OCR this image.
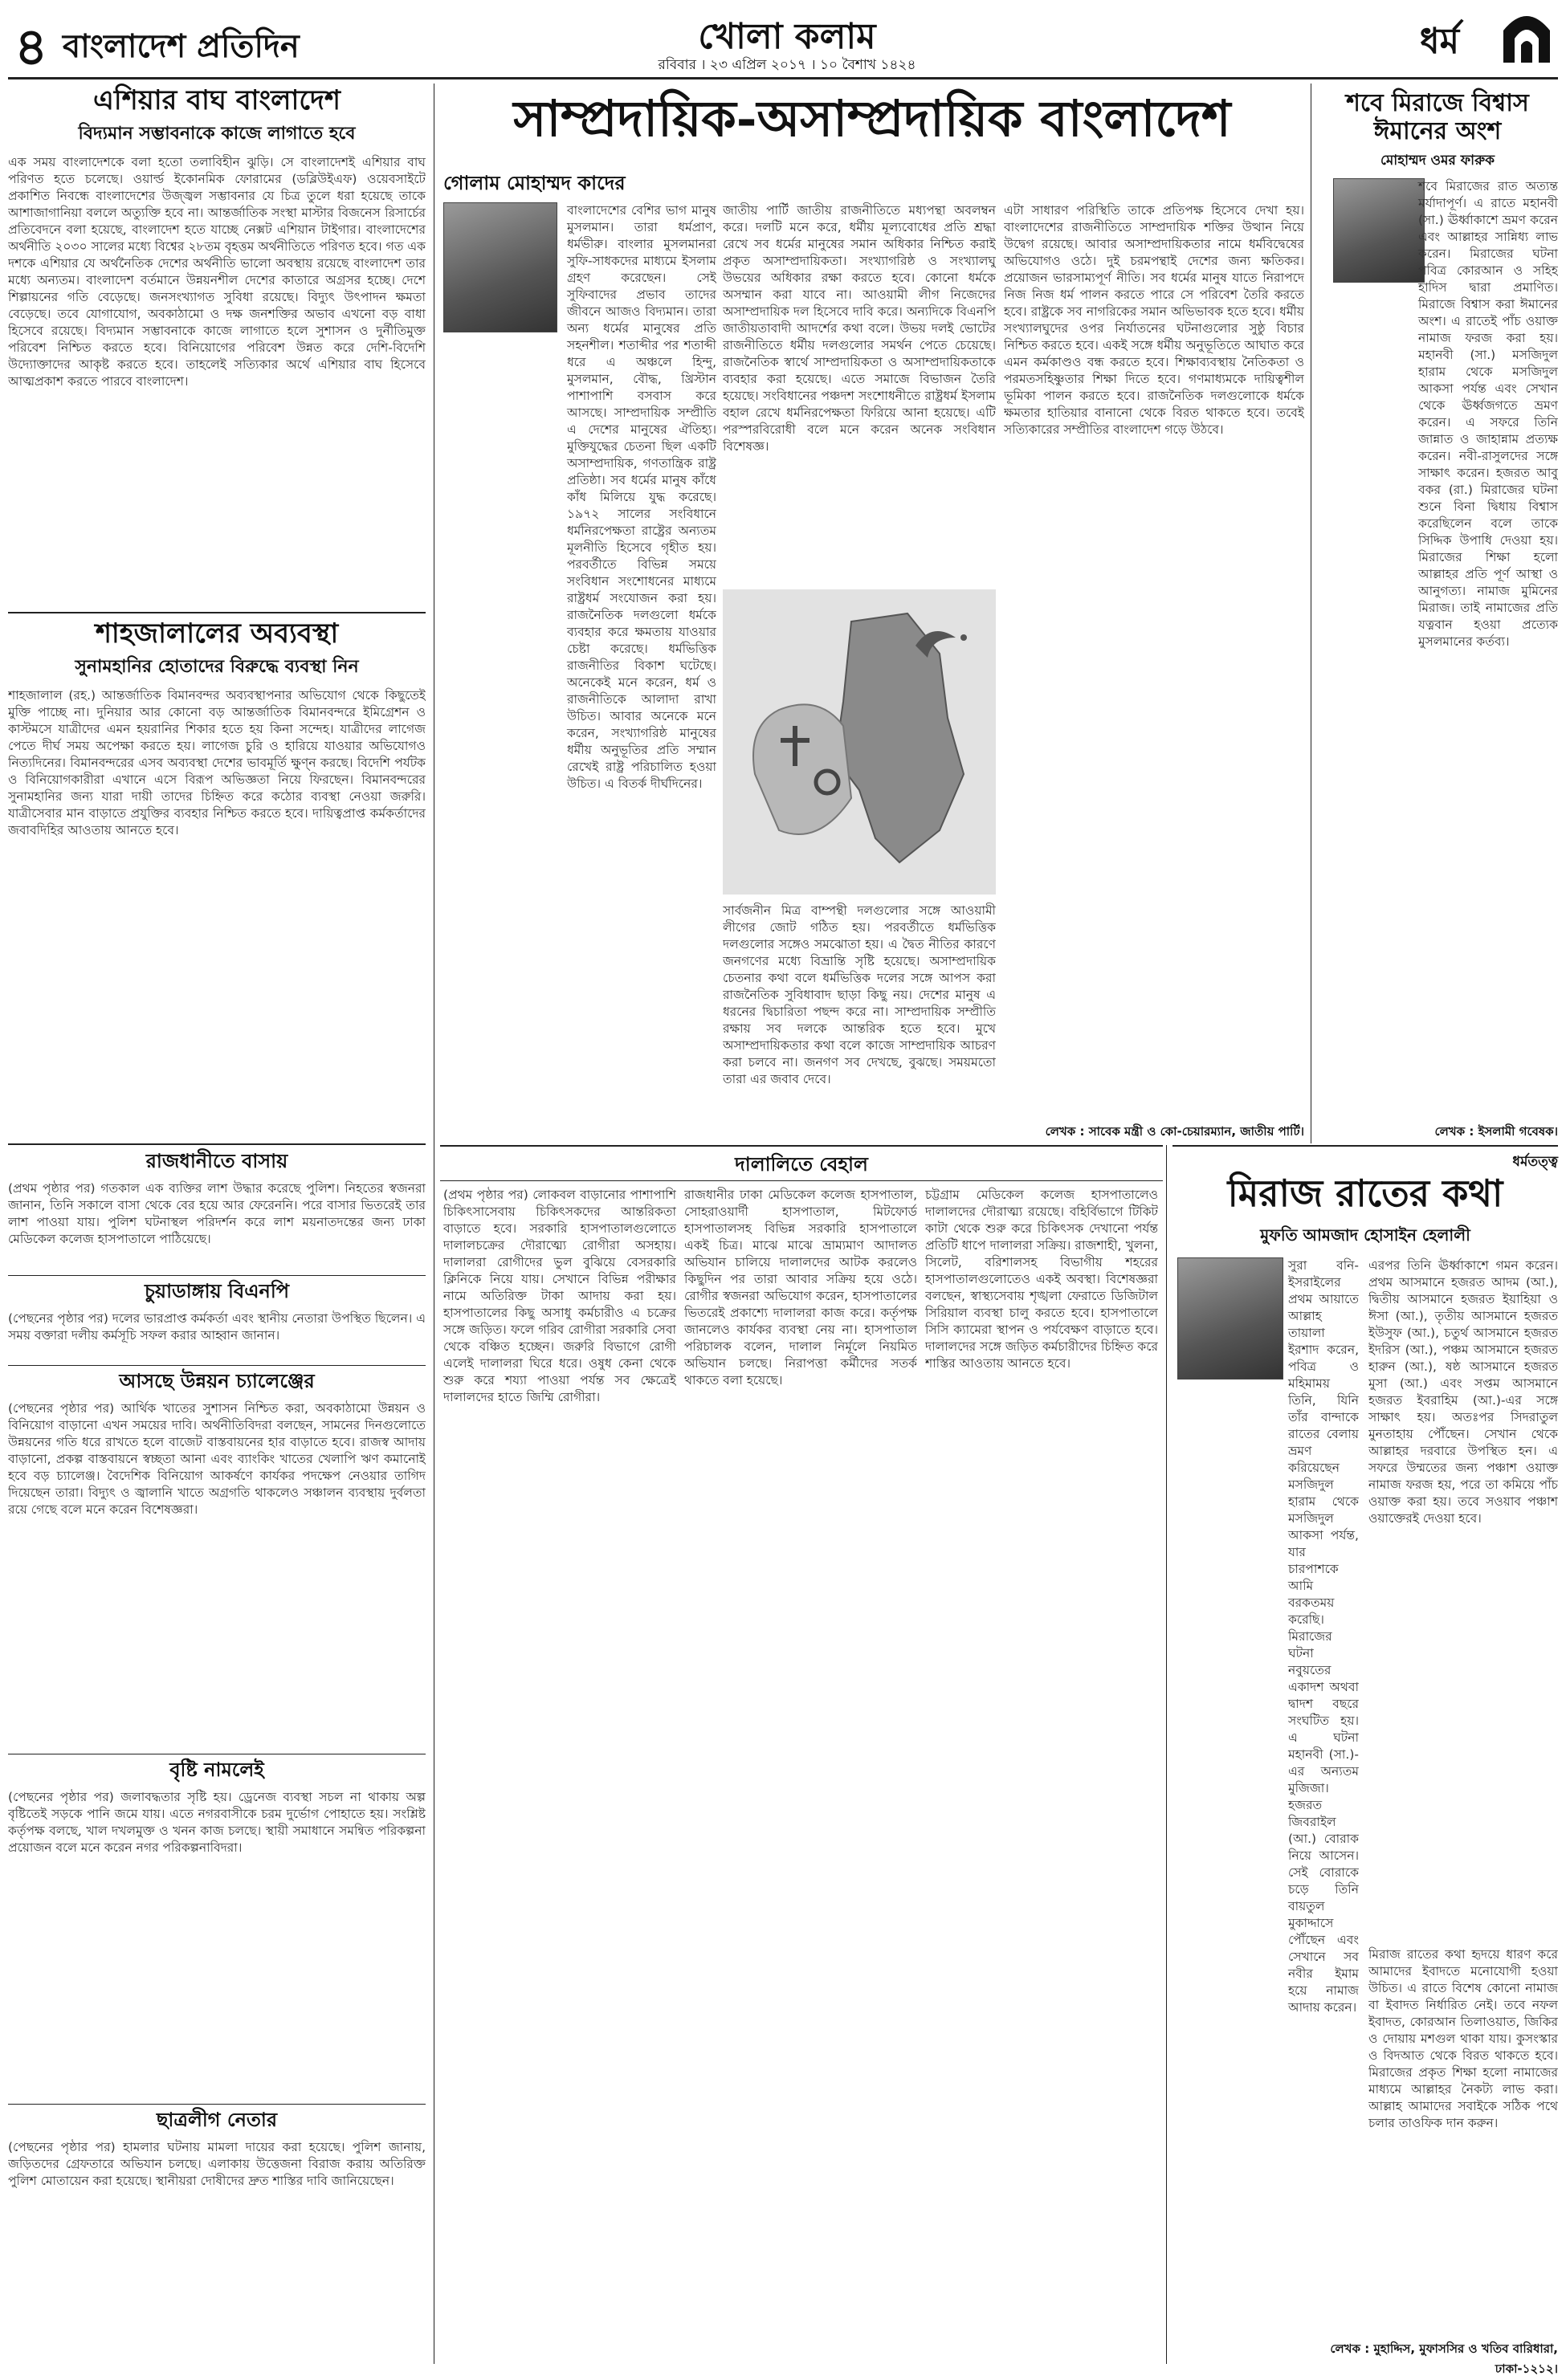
৪ বাংলাদেশ প্রতিদিন	খোলা কলাম
রবিবার । ২৩ এপ্রিল ২০১৭ । ১০ বৈশাখ ১৪২৪
ধর্ম
এশিয়ার বাঘ বাংলাদেশ
বিদ্যমান সম্ভাবনাকে কাজে লাগাতে হবে
এক সময় বাংলাদেশকে বলা হতো তলাবিহীন ঝুড়ি। সে বাংলাদেশই এশিয়ার বাঘ পরিণত হতে চলেছে। ওয়ার্ল্ড ইকোনমিক ফোরামের (ডব্লিউইএফ) ওয়েবসাইটে প্রকাশিত নিবন্ধে বাংলাদেশের উজ্জ্বল সম্ভাবনার যে চিত্র তুলে ধরা হয়েছে তাকে আশাজাগানিয়া বললে অত্যুক্তি হবে না। আন্তর্জাতিক সংস্থা মাস্টার বিজনেস রিসার্চের প্রতিবেদনে বলা হয়েছে, বাংলাদেশ হতে যাচ্ছে নেক্সট এশিয়ান টাইগার। বাংলাদেশের অর্থনীতি ২০৩০ সালের মধ্যে বিশ্বের ২৮তম বৃহত্তম অর্থনীতিতে পরিণত হবে। গত এক দশকে এশিয়ার যে অর্থনৈতিক দেশের অর্থনীতি ভালো অবস্থায় রয়েছে বাংলাদেশ তার মধ্যে অন্যতম। বাংলাদেশ বর্তমানে উন্নয়নশীল দেশের কাতারে অগ্রসর হচ্ছে। দেশে শিল্পায়নের গতি বেড়েছে। জনসংখ্যাগত সুবিধা রয়েছে। বিদ্যুৎ উৎপাদন ক্ষমতা বেড়েছে। তবে যোগাযোগ, অবকাঠামো ও দক্ষ জনশক্তির অভাব এখনো বড় বাধা হিসেবে রয়েছে। বিদ্যমান সম্ভাবনাকে কাজে লাগাতে হলে সুশাসন ও দুর্নীতিমুক্ত পরিবেশ নিশ্চিত করতে হবে। বিনিয়োগের পরিবেশ উন্নত করে দেশি-বিদেশি উদ্যোক্তাদের আকৃষ্ট করতে হবে। তাহলেই সত্যিকার অর্থে এশিয়ার বাঘ হিসেবে আত্মপ্রকাশ করতে পারবে বাংলাদেশ।
শাহজালালের অব্যবস্থা
সুনামহানির হোতাদের বিরুদ্ধে ব্যবস্থা নিন
শাহজালাল (রহ.) আন্তর্জাতিক বিমানবন্দর অব্যবস্থাপনার অভিযোগ থেকে কিছুতেই মুক্তি পাচ্ছে না। দুনিয়ার আর কোনো বড় আন্তর্জাতিক বিমানবন্দরে ইমিগ্রেশন ও কাস্টমসে যাত্রীদের এমন হয়রানির শিকার হতে হয় কিনা সন্দেহ। যাত্রীদের লাগেজ পেতে দীর্ঘ সময় অপেক্ষা করতে হয়। লাগেজ চুরি ও হারিয়ে যাওয়ার অভিযোগও নিত্যদিনের। বিমানবন্দরের এসব অব্যবস্থা দেশের ভাবমূর্তি ক্ষুণ্ন করছে। বিদেশি পর্যটক ও বিনিয়োগকারীরা এখানে এসে বিরূপ অভিজ্ঞতা নিয়ে ফিরছেন। বিমানবন্দরের সুনামহানির জন্য যারা দায়ী তাদের চিহ্নিত করে কঠোর ব্যবস্থা নেওয়া জরুরি। যাত্রীসেবার মান বাড়াতে প্রযুক্তির ব্যবহার নিশ্চিত করতে হবে। দায়িত্বপ্রাপ্ত কর্মকর্তাদের জবাবদিহির আওতায় আনতে হবে।
রাজধানীতে বাসায়
(প্রথম পৃষ্ঠার পর) গতকাল এক ব্যক্তির লাশ উদ্ধার করেছে পুলিশ। নিহতের স্বজনরা জানান, তিনি সকালে বাসা থেকে বের হয়ে আর ফেরেননি। পরে বাসার ভিতরেই তার লাশ পাওয়া যায়। পুলিশ ঘটনাস্থল পরিদর্শন করে লাশ ময়নাতদন্তের জন্য ঢাকা মেডিকেল কলেজ হাসপাতালে পাঠিয়েছে।
চুয়াডাঙ্গায় বিএনপি
(পেছনের পৃষ্ঠার পর) দলের ভারপ্রাপ্ত কর্মকর্তা এবং স্থানীয় নেতারা উপস্থিত ছিলেন। এ সময় বক্তারা দলীয় কর্মসূচি সফল করার আহ্বান জানান।
আসছে উন্নয়ন চ্যালেঞ্জের
(পেছনের পৃষ্ঠার পর) আর্থিক খাতের সুশাসন নিশ্চিত করা, অবকাঠামো উন্নয়ন ও বিনিয়োগ বাড়ানো এখন সময়ের দাবি। অর্থনীতিবিদরা বলছেন, সামনের দিনগুলোতে উন্নয়নের গতি ধরে রাখতে হলে বাজেট বাস্তবায়নের হার বাড়াতে হবে। রাজস্ব আদায় বাড়ানো, প্রকল্প বাস্তবায়নে স্বচ্ছতা আনা এবং ব্যাংকিং খাতের খেলাপি ঋণ কমানোই হবে বড় চ্যালেঞ্জ। বৈদেশিক বিনিয়োগ আকর্ষণে কার্যকর পদক্ষেপ নেওয়ার তাগিদ দিয়েছেন তারা। বিদ্যুৎ ও জ্বালানি খাতে অগ্রগতি থাকলেও সঞ্চালন ব্যবস্থায় দুর্বলতা রয়ে গেছে বলে মনে করেন বিশেষজ্ঞরা।
বৃষ্টি নামলেই
(পেছনের পৃষ্ঠার পর) জলাবদ্ধতার সৃষ্টি হয়। ড্রেনেজ ব্যবস্থা সচল না থাকায় অল্প বৃষ্টিতেই সড়কে পানি জমে যায়। এতে নগরবাসীকে চরম দুর্ভোগ পোহাতে হয়। সংশ্লিষ্ট কর্তৃপক্ষ বলছে, খাল দখলমুক্ত ও খনন কাজ চলছে। স্থায়ী সমাধানে সমন্বিত পরিকল্পনা প্রয়োজন বলে মনে করেন নগর পরিকল্পনাবিদরা।
ছাত্রলীগ নেতার
(পেছনের পৃষ্ঠার পর) হামলার ঘটনায় মামলা দায়ের করা হয়েছে। পুলিশ জানায়, জড়িতদের গ্রেফতারে অভিযান চলছে। এলাকায় উত্তেজনা বিরাজ করায় অতিরিক্ত পুলিশ মোতায়েন করা হয়েছে। স্থানীয়রা দোষীদের দ্রুত শাস্তির দাবি জানিয়েছেন।
সাম্প্রদায়িক-অসাম্প্রদায়িক বাংলাদেশ
গোলাম মোহাম্মদ কাদের
বাংলাদেশের বেশির ভাগ মানুষ মুসলমান। তারা ধর্মপ্রাণ, ধর্মভীরু। বাংলার মুসলমানরা সুফি-সাধকদের মাধ্যমে ইসলাম গ্রহণ করেছেন। সেই সুফিবাদের প্রভাব তাদের জীবনে আজও বিদ্যমান। তারা অন্য ধর্মের মানুষের প্রতি সহনশীল। শতাব্দীর পর শতাব্দী ধরে এ অঞ্চলে হিন্দু, মুসলমান, বৌদ্ধ, খ্রিস্টান পাশাপাশি বসবাস করে আসছে। সাম্প্রদায়িক সম্প্রীতি এ দেশের মানুষের ঐতিহ্য। মুক্তিযুদ্ধের চেতনা ছিল একটি অসাম্প্রদায়িক, গণতান্ত্রিক রাষ্ট্র প্রতিষ্ঠা। সব ধর্মের মানুষ কাঁধে কাঁধ মিলিয়ে যুদ্ধ করেছে। ১৯৭২ সালের সংবিধানে ধর্মনিরপেক্ষতা রাষ্ট্রের অন্যতম মূলনীতি হিসেবে গৃহীত হয়। পরবর্তীতে বিভিন্ন সময়ে সংবিধান সংশোধনের মাধ্যমে রাষ্ট্রধর্ম সংযোজন করা হয়। রাজনৈতিক দলগুলো ধর্মকে ব্যবহার করে ক্ষমতায় যাওয়ার চেষ্টা করেছে। ধর্মভিত্তিক রাজনীতির বিকাশ ঘটেছে। অনেকেই মনে করেন, ধর্ম ও রাজনীতিকে আলাদা রাখা উচিত। আবার অনেকে মনে করেন, সংখ্যাগরিষ্ঠ মানুষের ধর্মীয় অনুভূতির প্রতি সম্মান রেখেই রাষ্ট্র পরিচালিত হওয়া উচিত। এ বিতর্ক দীর্ঘদিনের।
জাতীয় পার্টি জাতীয় রাজনীতিতে মধ্যপন্থা অবলম্বন করে। দলটি মনে করে, ধর্মীয় মূল্যবোধের প্রতি শ্রদ্ধা রেখে সব ধর্মের মানুষের সমান অধিকার নিশ্চিত করাই প্রকৃত অসাম্প্রদায়িকতা। সংখ্যাগরিষ্ঠ ও সংখ্যালঘু উভয়ের অধিকার রক্ষা করতে হবে। কোনো ধর্মকে অসম্মান করা যাবে না। আওয়ামী লীগ নিজেদের অসাম্প্রদায়িক দল হিসেবে দাবি করে। অন্যদিকে বিএনপি জাতীয়তাবাদী আদর্শের কথা বলে। উভয় দলই ভোটের রাজনীতিতে ধর্মীয় দলগুলোর সমর্থন পেতে চেয়েছে। রাজনৈতিক স্বার্থে সাম্প্রদায়িকতা ও অসাম্প্রদায়িকতাকে ব্যবহার করা হয়েছে। এতে সমাজে বিভাজন তৈরি হয়েছে। সংবিধানের পঞ্চদশ সংশোধনীতে রাষ্ট্রধর্ম ইসলাম বহাল রেখে ধর্মনিরপেক্ষতা ফিরিয়ে আনা হয়েছে। এটি পরস্পরবিরোধী বলে মনে করেন অনেক সংবিধান বিশেষজ্ঞ।
এটা সাধারণ পরিস্থিতি তাকে প্রতিপক্ষ হিসেবে দেখা হয়। বাংলাদেশের রাজনীতিতে সাম্প্রদায়িক শক্তির উত্থান নিয়ে উদ্বেগ রয়েছে। আবার অসাম্প্রদায়িকতার নামে ধর্মবিদ্বেষের অভিযোগও ওঠে। দুই চরমপন্থাই দেশের জন্য ক্ষতিকর। প্রয়োজন ভারসাম্যপূর্ণ নীতি। সব ধর্মের মানুষ যাতে নিরাপদে নিজ নিজ ধর্ম পালন করতে পারে সে পরিবেশ তৈরি করতে হবে। রাষ্ট্রকে সব নাগরিকের সমান অভিভাবক হতে হবে। ধর্মীয় সংখ্যালঘুদের ওপর নির্যাতনের ঘটনাগুলোর সুষ্ঠু বিচার নিশ্চিত করতে হবে। একই সঙ্গে ধর্মীয় অনুভূতিতে আঘাত করে এমন কর্মকাণ্ডও বন্ধ করতে হবে। শিক্ষাব্যবস্থায় নৈতিকতা ও পরমতসহিষ্ণুতার শিক্ষা দিতে হবে। গণমাধ্যমকে দায়িত্বশীল ভূমিকা পালন করতে হবে। রাজনৈতিক দলগুলোকে ধর্মকে ক্ষমতার হাতিয়ার বানানো থেকে বিরত থাকতে হবে। তবেই সত্যিকারের সম্প্রীতির বাংলাদেশ গড়ে উঠবে।
সার্বজনীন মিত্র বাম্পন্থী দলগুলোর সঙ্গে আওয়ামী লীগের জোট গঠিত হয়। পরবর্তীতে ধর্মভিত্তিক দলগুলোর সঙ্গেও সমঝোতা হয়। এ দ্বৈত নীতির কারণে জনগণের মধ্যে বিভ্রান্তি সৃষ্টি হয়েছে। অসাম্প্রদায়িক চেতনার কথা বলে ধর্মভিত্তিক দলের সঙ্গে আপস করা রাজনৈতিক সুবিধাবাদ ছাড়া কিছু নয়। দেশের মানুষ এ ধরনের দ্বিচারিতা পছন্দ করে না। সাম্প্রদায়িক সম্প্রীতি রক্ষায় সব দলকে আন্তরিক হতে হবে। মুখে অসাম্প্রদায়িকতার কথা বলে কাজে সাম্প্রদায়িক আচরণ করা চলবে না। জনগণ সব দেখছে, বুঝছে। সময়মতো তারা এর জবাব দেবে।
লেখক : সাবেক মন্ত্রী ও কো-চেয়ারম্যান, জাতীয় পার্টি।
দালালিতে বেহাল
(প্রথম পৃষ্ঠার পর) লোকবল বাড়ানোর পাশাপাশি চিকিৎসাসেবায় চিকিৎসকদের আন্তরিকতা বাড়াতে হবে। সরকারি হাসপাতালগুলোতে দালালচক্রের দৌরাত্ম্যে রোগীরা অসহায়। দালালরা রোগীদের ভুল বুঝিয়ে বেসরকারি ক্লিনিকে নিয়ে যায়। সেখানে বিভিন্ন পরীক্ষার নামে অতিরিক্ত টাকা আদায় করা হয়। হাসপাতালের কিছু অসাধু কর্মচারীও এ চক্রের সঙ্গে জড়িত। ফলে গরিব রোগীরা সরকারি সেবা থেকে বঞ্চিত হচ্ছেন। জরুরি বিভাগে রোগী এলেই দালালরা ঘিরে ধরে। ওষুধ কেনা থেকে শুরু করে শয্যা পাওয়া পর্যন্ত সব ক্ষেত্রেই দালালদের হাতে জিম্মি রোগীরা।
রাজধানীর ঢাকা মেডিকেল কলেজ হাসপাতাল, সোহরাওয়ার্দী হাসপাতাল, মিটফোর্ড হাসপাতালসহ বিভিন্ন সরকারি হাসপাতালে একই চিত্র। মাঝে মাঝে ভ্রাম্যমাণ আদালত অভিযান চালিয়ে দালালদের আটক করলেও কিছুদিন পর তারা আবার সক্রিয় হয়ে ওঠে। রোগীর স্বজনরা অভিযোগ করেন, হাসপাতালের ভিতরেই প্রকাশ্যে দালালরা কাজ করে। কর্তৃপক্ষ জানলেও কার্যকর ব্যবস্থা নেয় না। হাসপাতাল পরিচালক বলেন, দালাল নির্মূলে নিয়মিত অভিযান চলছে। নিরাপত্তা কর্মীদের সতর্ক থাকতে বলা হয়েছে।
চট্টগ্রাম মেডিকেল কলেজ হাসপাতালেও দালালদের দৌরাত্ম্য রয়েছে। বহির্বিভাগে টিকিট কাটা থেকে শুরু করে চিকিৎসক দেখানো পর্যন্ত প্রতিটি ধাপে দালালরা সক্রিয়। রাজশাহী, খুলনা, সিলেট, বরিশালসহ বিভাগীয় শহরের হাসপাতালগুলোতেও একই অবস্থা। বিশেষজ্ঞরা বলছেন, স্বাস্থ্যসেবায় শৃঙ্খলা ফেরাতে ডিজিটাল সিরিয়াল ব্যবস্থা চালু করতে হবে। হাসপাতালে সিসি ক্যামেরা স্থাপন ও পর্যবেক্ষণ বাড়াতে হবে। দালালদের সঙ্গে জড়িত কর্মচারীদের চিহ্নিত করে শাস্তির আওতায় আনতে হবে।
শবে মিরাজে বিশ্বাস ঈমানের অংশ
মোহাম্মদ ওমর ফারুক
শবে মিরাজের রাত অত্যন্ত মর্যাদাপূর্ণ। এ রাতে মহানবী (সা.) ঊর্ধ্বাকাশে ভ্রমণ করেন এবং আল্লাহর সান্নিধ্য লাভ করেন। মিরাজের ঘটনা পবিত্র কোরআন ও সহিহ হাদিস দ্বারা প্রমাণিত। মিরাজে বিশ্বাস করা ঈমানের অংশ। এ রাতেই পাঁচ ওয়াক্ত নামাজ ফরজ করা হয়। মহানবী (সা.) মসজিদুল হারাম থেকে মসজিদুল আকসা পর্যন্ত এবং সেখান থেকে ঊর্ধ্বজগতে ভ্রমণ করেন। এ সফরে তিনি জান্নাত ও জাহান্নাম প্রত্যক্ষ করেন। নবী-রাসুলদের সঙ্গে সাক্ষাৎ করেন। হজরত আবু বকর (রা.) মিরাজের ঘটনা শুনে বিনা দ্বিধায় বিশ্বাস করেছিলেন বলে তাকে সিদ্দিক উপাধি দেওয়া হয়। মিরাজের শিক্ষা হলো আল্লাহর প্রতি পূর্ণ আস্থা ও আনুগত্য। নামাজ মুমিনের মিরাজ। তাই নামাজের প্রতি যত্নবান হওয়া প্রত্যেক মুসলমানের কর্তব্য।
লেখক : ইসলামী গবেষক।
ধর্মতত্ত্ব
মিরাজ রাতের কথা
মুফতি আমজাদ হোসাইন হেলালী
সুরা বনি-ইসরাইলের প্রথম আয়াতে আল্লাহ তায়ালা ইরশাদ করেন, পবিত্র ও মহিমাময় তিনি, যিনি তাঁর বান্দাকে রাতের বেলায় ভ্রমণ করিয়েছেন মসজিদুল হারাম থেকে মসজিদুল আকসা পর্যন্ত, যার চারপাশকে আমি বরকতময় করেছি। মিরাজের ঘটনা নবুয়তের একাদশ অথবা দ্বাদশ বছরে সংঘটিত হয়। এ ঘটনা মহানবী (সা.)-এর অন্যতম মুজিজা। হজরত জিবরাইল (আ.) বোরাক নিয়ে আসেন। সেই বোরাকে চড়ে তিনি বায়তুল মুকাদ্দাসে পৌঁছেন এবং সেখানে সব নবীর ইমাম হয়ে নামাজ আদায় করেন।
এরপর তিনি ঊর্ধ্বাকাশে গমন করেন। প্রথম আসমানে হজরত আদম (আ.), দ্বিতীয় আসমানে হজরত ইয়াহিয়া ও ঈসা (আ.), তৃতীয় আসমানে হজরত ইউসুফ (আ.), চতুর্থ আসমানে হজরত ইদরিস (আ.), পঞ্চম আসমানে হজরত হারুন (আ.), ষষ্ঠ আসমানে হজরত মুসা (আ.) এবং সপ্তম আসমানে হজরত ইবরাহিম (আ.)-এর সঙ্গে সাক্ষাৎ হয়। অতঃপর সিদরাতুল মুনতাহায় পৌঁছেন। সেখান থেকে আল্লাহর দরবারে উপস্থিত হন। এ সফরে উম্মতের জন্য পঞ্চাশ ওয়াক্ত নামাজ ফরজ হয়, পরে তা কমিয়ে পাঁচ ওয়াক্ত করা হয়। তবে সওয়াব পঞ্চাশ ওয়াক্তেরই দেওয়া হবে।
মিরাজ রাতের কথা হৃদয়ে ধারণ করে আমাদের ইবাদতে মনোযোগী হওয়া উচিত। এ রাতে বিশেষ কোনো নামাজ বা ইবাদত নির্ধারিত নেই। তবে নফল ইবাদত, কোরআন তিলাওয়াত, জিকির ও দোয়ায় মশগুল থাকা যায়। কুসংস্কার ও বিদআত থেকে বিরত থাকতে হবে। মিরাজের প্রকৃত শিক্ষা হলো নামাজের মাধ্যমে আল্লাহর নৈকট্য লাভ করা। আল্লাহ আমাদের সবাইকে সঠিক পথে চলার তাওফিক দান করুন।
লেখক : মুহাদ্দিস, মুফাসসির ও খতিব বারিধারা, ঢাকা-১২১২।
